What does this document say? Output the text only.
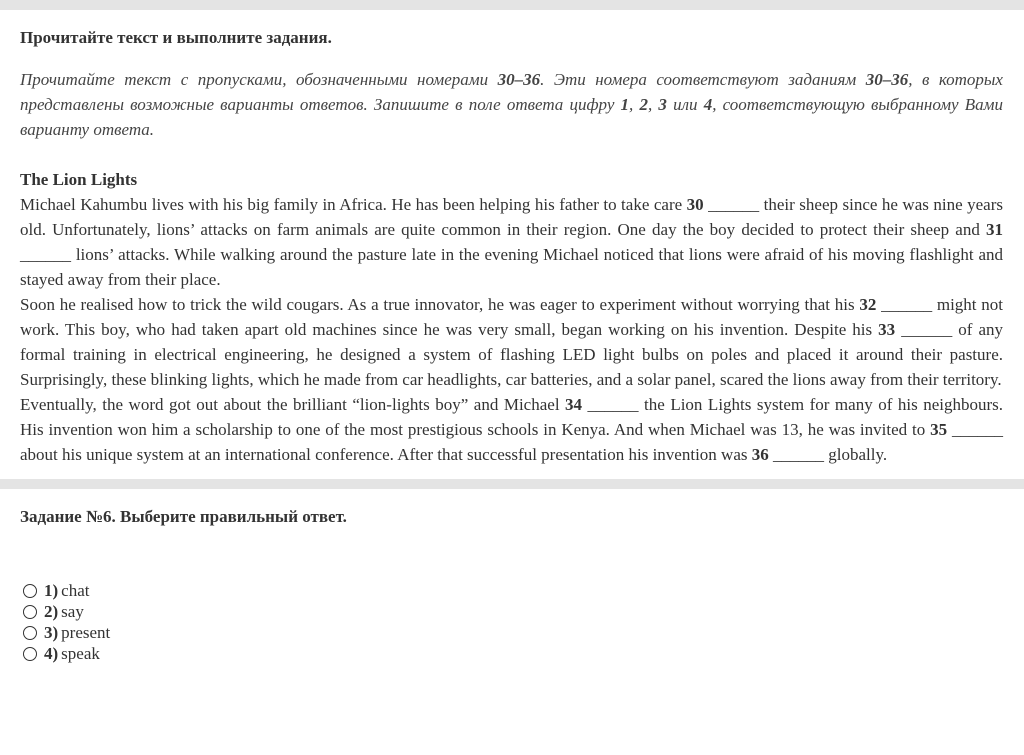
Прочитайте текст и выполните задания.

Прочитайте текст с пропусками, обозначенными номерами 30–36. Эти номера соответствуют заданиям 30–36, в которых представлены возможные варианты ответов. Запишите в поле ответа цифру 1, 2, 3 или 4, соответствующую выбранному Вами варианту ответа.

The Lion Lights

Michael Kahumbu lives with his big family in Africa. He has been helping his father to take care 30 ______ their sheep since he was nine years old. Unfortunately, lions’ attacks on farm animals are quite common in their region. One day the boy decided to protect their sheep and 31 ______ lions’ attacks. While walking around the pasture late in the evening Michael noticed that lions were afraid of his moving flashlight and stayed away from their place.

Soon he realised how to trick the wild cougars. As a true innovator, he was eager to experiment without worrying that his 32 ______ might not work. This boy, who had taken apart old machines since he was very small, began working on his invention. Despite his 33 ______ of any formal training in electrical engineering, he designed a system of flashing LED light bulbs on poles and placed it around their pasture. Surprisingly, these blinking lights, which he made from car headlights, car batteries, and a solar panel, scared the lions away from their territory.

Eventually, the word got out about the brilliant “lion-lights boy” and Michael 34 ______ the Lion Lights system for many of his neighbours. His invention won him a scholarship to one of the most prestigious schools in Kenya. And when Michael was 13, he was invited to 35 ______ about his unique system at an international conference. After that successful presentation his invention was 36 ______ globally.

Задание №6. Выберите правильный ответ.

1) chat
2) say
3) present
4) speak
